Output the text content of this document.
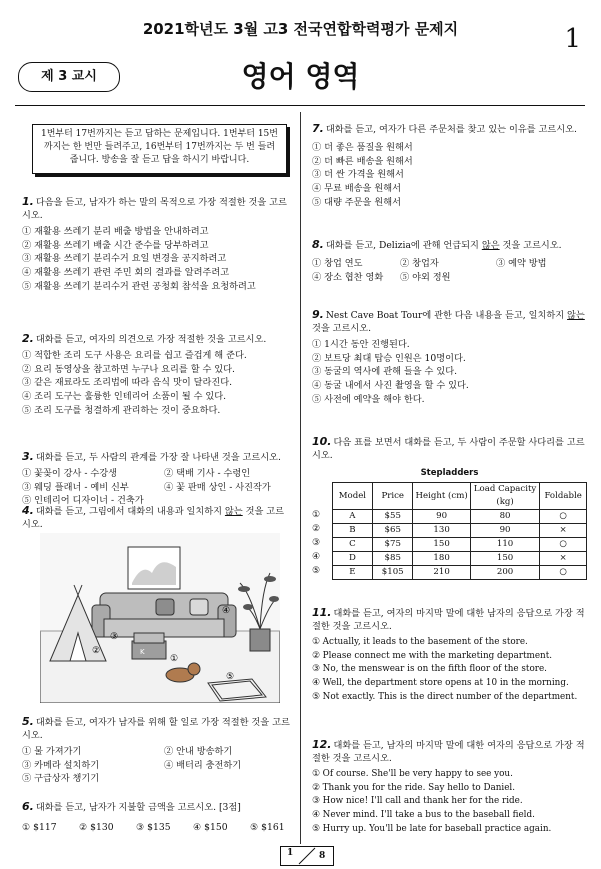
2021학년도 3월 고3 전국연합학력평가 문제지	1
제 3 교시	영어 영역
1번부터 17번까지는 듣고 답하는 문제입니다. 1번부터 15번까지는 한 번만 들려주고, 16번부터 17번까지는 두 번 들려줍니다. 방송을 잘 듣고 답을 하시기 바랍니다.

1. 다음을 듣고, 남자가 하는 말의 목적으로 가장 적절한 것을 고르시오.

① 재활용 쓰레기 분리 배출 방법을 안내하려고

② 재활용 쓰레기 배출 시간 준수를 당부하려고

③ 재활용 쓰레기 분리수거 요일 변경을 공지하려고

④ 재활용 쓰레기 관련 주민 회의 결과를 알려주려고

⑤ 재활용 쓰레기 분리수거 관련 공청회 참석을 요청하려고

2. 대화를 듣고, 여자의 의견으로 가장 적절한 것을 고르시오.

① 적합한 조리 도구 사용은 요리를 쉽고 즐겁게 해 준다.

② 요리 동영상을 참고하면 누구나 요리를 할 수 있다.

③ 같은 재료라도 조리법에 따라 음식 맛이 달라진다.

④ 조리 도구는 훌륭한 인테리어 소품이 될 수 있다.

⑤ 조리 도구를 청결하게 관리하는 것이 중요하다.

3. 대화를 듣고, 두 사람의 관계를 가장 잘 나타낸 것을 고르시오.

① 꽃꽂이 강사 - 수강생	② 택배 기사 - 수령인

③ 웨딩 플래너 - 예비 신부	④ 꽃 판매 상인 - 사진작가

⑤ 인테리어 디자이너 - 건축가

4. 대화를 듣고, 그림에서 대화의 내용과 일치하지 않는 것을 고르시오.

K
②
③
①
④
⑤

5. 대화를 듣고, 여자가 남자를 위해 할 일로 가장 적절한 것을 고르시오.

① 물 가져가기	② 안내 방송하기

③ 카메라 설치하기	④ 배터리 충전하기

⑤ 구급상자 챙기기

6. 대화를 듣고, 남자가 지불할 금액을 고르시오. [3점]

① $117	② $130	③ $135	④ $150	⑤ $161

7. 대화를 듣고, 여자가 다른 주문처를 찾고 있는 이유를 고르시오.

① 더 좋은 품질을 원해서

② 더 빠른 배송을 원해서

③ 더 싼 가격을 원해서

④ 무료 배송을 원해서

⑤ 대량 주문을 원해서

8. 대화를 듣고, Delizia에 관해 언급되지 않은 것을 고르시오.

① 창업 연도	② 창업자	③ 예약 방법

④ 장소 협찬 영화	⑤ 야외 정원

9. Nest Cave Boat Tour에 관한 다음 내용을 듣고, 일치하지 않는 것을 고르시오.

① 1시간 동안 진행된다.

② 보트당 최대 탑승 인원은 10명이다.

③ 동굴의 역사에 관해 들을 수 있다.

④ 동굴 내에서 사진 촬영을 할 수 있다.

⑤ 사전에 예약을 해야 한다.

10. 다음 표를 보면서 대화를 듣고, 두 사람이 주문할 사다리를 고르시오.

Stepladders
①
②
③
④
⑤
Model	Price	Height (cm)	Load Capacity (kg)	Foldable
A	$55	90	80	○
B	$65	130	90	×
C	$75	150	110	○
D	$85	180	150	×
E	$105	210	200	○

11. 대화를 듣고, 여자의 마지막 말에 대한 남자의 응답으로 가장 적절한 것을 고르시오.

① Actually, it leads to the basement of the store.

② Please connect me with the marketing department.

③ No, the menswear is on the fifth floor of the store.

④ Well, the department store opens at 10 in the morning.

⑤ Not exactly. This is the direct number of the department.

12. 대화를 듣고, 남자의 마지막 말에 대한 여자의 응답으로 가장 적절한 것을 고르시오.

① Of course. She'll be very happy to see you.

② Thank you for the ride. Say hello to Daniel.

③ How nice! I'll call and thank her for the ride.

④ Never mind. I'll take a bus to the baseball field.

⑤ Hurry up. You'll be late for baseball practice again.

1	8
